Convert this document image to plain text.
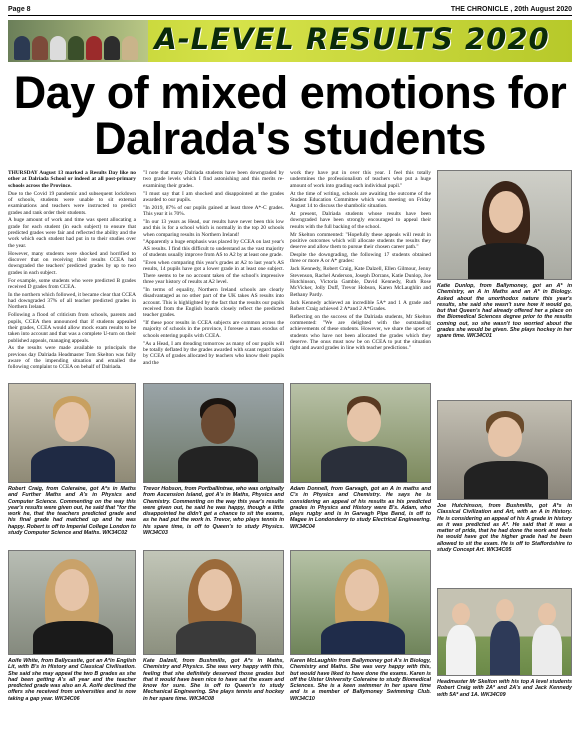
Page 8	THE CHRONICLE , 20th August 2020
A-LEVEL RESULTS 2020
Day of mixed emotions for Dalrada's students

THURSDAY August 13 marked a Results Day like no other at Dalriada School or indeed at all post-primary schools across the Province.

Due to the Covid 19 pandemic and subsequent lockdown of schools, students were unable to sit external examinations and teachers were instructed to predict grades and rank order their students.

A huge amount of work and time was spent allocating a grade for each student (in each subject) to ensure that predicted grades were fair and reflected the ability and the work which each student had put in to their studies over the year.

However, many students were shocked and horrified to discover that on receiving their results CCEA had downgraded the teachers' predicted grades by up to two grades in each subject.

For example, some students who were predicted B grades received D grades from CCEA.

In the northern which followed, it became clear that CCEA had downgraded 37% of all teacher predicted grades in Northern Ireland.

Following a flood of criticism from schools, parents and pupils, CCEA then announced that if students appealed their grades, CCEA would allow mock exam results to be taken into account and that was a complete U-turn on their published appeals, managing appeals.

As the results were made available to principals the previous day Dalriada Headmaster Tom Skelton was fully aware of the impending situation and emailed the following complaint to CCEA on behalf of Dalriada.

"I note that many Dalriada students have been downgraded by two grade levels which I find astonishing and this merits re-examining their grades.

"I must say that I am shocked and disappointed at the grades awarded to our pupils.

"In 2019, 87% of our pupils gained at least three A*-C grades. This year it is 70%.

"In our 13 years as Head, our results have never been this low and this is for a school which is normally in the top 20 schools when comparing results in Northern Ireland!

"Apparently a huge emphasis was placed by CCEA on last year's AS results. I find this difficult to understand as the vast majority of students usually improve from AS to A2 by at least one grade.

"Even when comparing this year's grades at A2 to last year's AS results, 14 pupils have got a lower grade in at least one subject. There seems to be no account taken of the school's impressive three year history of results at A2 level.

"In terms of equality, Northern Ireland schools are clearly disadvantaged as no other part of the UK takes AS results into account. This is highlighted by the fact that the results our pupils received from the English boards closely reflect the predicted teacher grades.

"If these poor results in CCEA subjects are common across the majority of schools in the province, I foresee a mass exodus of schools entering pupils with CCEA.

"As a Head, I am dreading tomorrow as many of our pupils will be totally deflated by the grades awarded with scant regard taken by CCEA of grades allocated by teachers who know their pupils and the

work they have put in over this year. I feel this totally undermines the professionalism of teachers who put a huge amount of work into grading each individual pupil."

At the time of writing, schools are awaiting the outcome of the Student Education Committee which was meeting on Friday August 14 to discuss the shambolic situation.

At present, Dalriada students whose results have been downgraded have been strongly encouraged to appeal their results with the full backing of the school.

Mr Skelton commented: "Hopefully these appeals will result in positive outcomes which will allocate students the results they deserve and allow them to pursue their chosen career path."

Despite the downgrading, the following 17 students obtained three or more A or A* grades:

Jack Kennedy, Robert Craig, Kate Dalzell, Ellen Gilmour, Jenny Stevenson, Rachel Anderson, Joseph Dorrans, Katie Dunlop, Joe Hutchinson, Victoria Gamble, David Kennedy, Ruth Rose McVicker, Jolly Duff, Trevor Hobson, Karen McLaughlin and Bethany Pardy.

Jack Kennedy achieved an incredible 5A* and 1 A grade and Robert Craig achieved 2 A*and 2 A*Grades.

Reflecting on the success of the Dalriada students, Mr Skelton commented: "We are delighted with the outstanding achievements of these students. However, we share the upset of students who have not been allocated the grades which they deserve. The onus must now be on CCEA to put the situation right and award grades in line with teacher predictions."

Katie Dunlop, from Ballymoney, got an A* in Chemistry, an A in Maths and an A* in Biology. Asked about the unorthodox nature this year's results, she said she wasn't sure how it would go, but that Queen's had already offered her a place on the Biomedical Sciences degree prior to the results coming out, so she wasn't too worried about the grades she would be given. She plays hockey in her spare time. WK34C01
Robert Craig, from Coleraine, got A*s in Maths and Further Maths and A's in Physics and Computer Science. Commenting on the way this year's results were given out, he said that "for the work he, that the teachers predicted grade and his final grade had matched up and he was happy. Robert is off to Imperial College London to study Computer Science and Maths. WK34C02
Trevor Hobson, from Portballintrae, who was originally from Ascension Island, got A's in Maths, Physics and Chemistry. Commenting on the way this year's results were given out, he said he was happy, though a little disappointed he didn't get a chance to sit the exams, as he had put the work in. Trevor, who plays tennis in his spare time, is off to Queen's to study Physics. WK34C03
Adam Donnell, from Garvagh, got an A in maths and C's in Physics and Chemistry. He says he is considering an appeal of his results as his predicted grades in Physics and History were B's. Adam, who plays rugby and is in Garvagh Pipe Band, is off to Magee in Londonderry to study Electrical Engineering. WK34C04
Joe Hutchinson, from Bushmills, got A*s in Classical Civilization and Art, with an A in History. He is considering an appeal of his A grade in history as it was predicted as A*. He said that it was a matter of pride, that he had done the work and feels he would have got the higher grade had he been allowed to sit the exam. He is off to Staffordshire to study Concept Art. WK34C05
Aoife White, from Ballycastle, got an A*in English Lit, with B's in History and Classical Civilisation. She said she may appeal the two B grades as she had been getting A's all year and the teacher predicted grade was also an A. Aoife declined the offers she received from universities and is now taking a gap year. WK34C06
Kate Dalzell, from Bushmills, got A*s in Maths, Chemistry and Physics. She was very happy with this, feeling that she definitely deserved those grades but that it would have been nice to have sat the exam and know for sure. She is off to Queen's to study Mechanical Engineering. She plays tennis and hockey in her spare time. WK34C08
Karen McLaughlin from Ballymoney got A's in Biology, Chemistry and Maths. She was very happy with this, but would have liked to have done the exams. Karen is off the Ulster University Coleraine to study Biomedical Sciences. She is a keen swimmer in her spare time and is a member of Ballymoney Swimming Club. WK34C10
Headmaster Mr Skelton with his top A level students Robert Craig with 2A* and 2A's and Jack Kennedy with 5A* and 1A. WK34C09
